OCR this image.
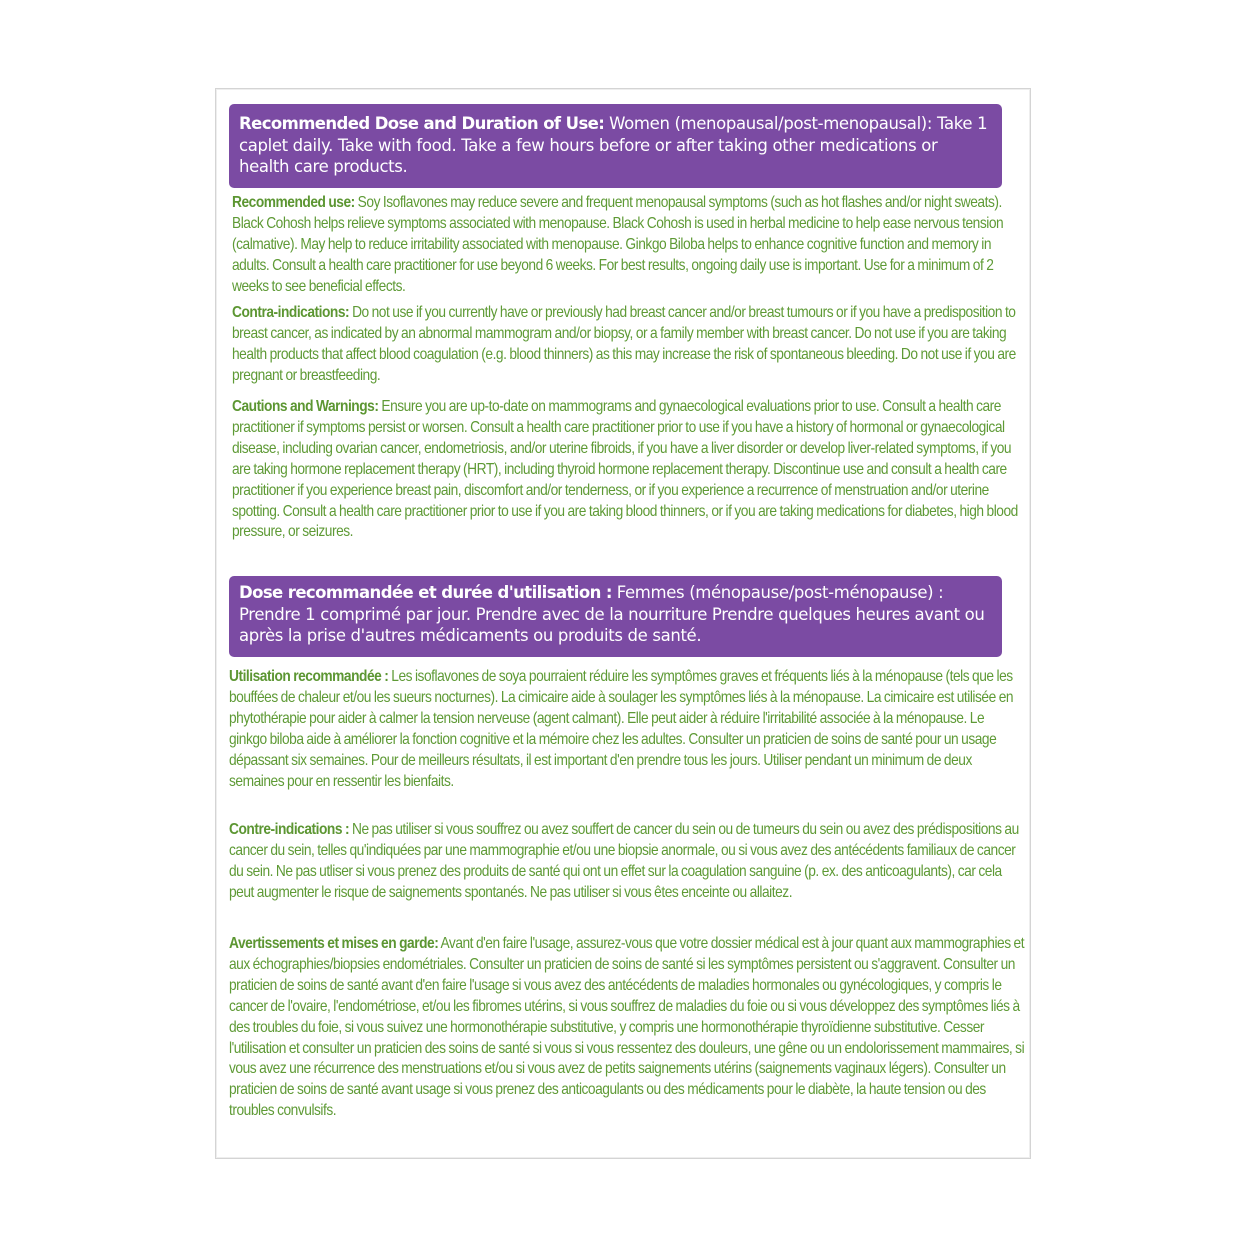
Recommended Dose and Duration of Use: Women (menopausal/post-menopausal): Take 1 caplet daily. Take with food. Take a few hours before or after taking other medications or health care products.
Recommended use: Soy Isoflavones may reduce severe and frequent menopausal symptoms (such as hot flashes and/or night sweats). Black Cohosh helps relieve symptoms associated with menopause. Black Cohosh is used in herbal medicine to help ease nervous tension (calmative). May help to reduce irritability associated with menopause. Ginkgo Biloba helps to enhance cognitive function and memory in adults. Consult a health care practitioner for use beyond 6 weeks. For best results, ongoing daily use is important. Use for a minimum of 2 weeks to see beneficial effects.
Contra-indications: Do not use if you currently have or previously had breast cancer and/or breast tumours or if you have a predisposition to breast cancer, as indicated by an abnormal mammogram and/or biopsy, or a family member with breast cancer. Do not use if you are taking health products that affect blood coagulation (e.g. blood thinners) as this may increase the risk of spontaneous bleeding. Do not use if you are pregnant or breastfeeding.
Cautions and Warnings: Ensure you are up-to-date on mammograms and gynaecological evaluations prior to use. Consult a health care practitioner if symptoms persist or worsen. Consult a health care practitioner prior to use if you have a history of hormonal or gynaecological disease, including ovarian cancer, endometriosis, and/or uterine fibroids, if you have a liver disorder or develop liver-related symptoms, if you are taking hormone replacement therapy (HRT), including thyroid hormone replacement therapy. Discontinue use and consult a health care practitioner if you experience breast pain, discomfort and/or tenderness, or if you experience a recurrence of menstruation and/or uterine spotting. Consult a health care practitioner prior to use if you are taking blood thinners, or if you are taking medications for diabetes, high blood pressure, or seizures.
Dose recommandée et durée d'utilisation : Femmes (ménopause/post-ménopause) : Prendre 1 comprimé par jour. Prendre avec de la nourriture Prendre quelques heures avant ou après la prise d'autres médicaments ou produits de santé.
Utilisation recommandée : Les isoflavones de soya pourraient réduire les symptômes graves et fréquents liés à la ménopause (tels que les bouffées de chaleur et/ou les sueurs nocturnes). La cimicaire aide à soulager les symptômes liés à la ménopause. La cimicaire est utilisée en phytothérapie pour aider à calmer la tension nerveuse (agent calmant). Elle peut aider à réduire l'irritabilité associée à la ménopause. Le ginkgo biloba aide à améliorer la fonction cognitive et la mémoire chez les adultes. Consulter un praticien de soins de santé pour un usage dépassant six semaines. Pour de meilleurs résultats, il est important d'en prendre tous les jours. Utiliser pendant un minimum de deux semaines pour en ressentir les bienfaits.
Contre-indications : Ne pas utiliser si vous souffrez ou avez souffert de cancer du sein ou de tumeurs du sein ou avez des prédispositions au cancer du sein, telles qu'indiquées par une mammographie et/ou une biopsie anormale, ou si vous avez des antécédents familiaux de cancer du sein. Ne pas utliser si vous prenez des produits de santé qui ont un effet sur la coagulation sanguine (p. ex. des anticoagulants), car cela peut augmenter le risque de saignements spontanés. Ne pas utiliser si vous êtes enceinte ou allaitez.
Avertissements et mises en garde: Avant d'en faire l'usage, assurez-vous que votre dossier médical est à jour quant aux mammographies et aux échographies/biopsies endométriales. Consulter un praticien de soins de santé si les symptômes persistent ou s'aggravent. Consulter un praticien de soins de santé avant d'en faire l'usage si vous avez des antécédents de maladies hormonales ou gynécologiques, y compris le cancer de l'ovaire, l'endométriose, et/ou les fibromes utérins, si vous souffrez de maladies du foie ou si vous développez des symptômes liés à des troubles du foie, si vous suivez une hormonothérapie substitutive, y compris une hormonothérapie thyroïdienne substitutive. Cesser l'utilisation et consulter un praticien des soins de santé si vous si vous ressentez des douleurs, une gêne ou un endolorissement mammaires, si vous avez une récurrence des menstruations et/ou si vous avez de petits saignements utérins (saignements vaginaux légers). Consulter un praticien de soins de santé avant usage si vous prenez des anticoagulants ou des médicaments pour le diabète, la haute tension ou des troubles convulsifs.
